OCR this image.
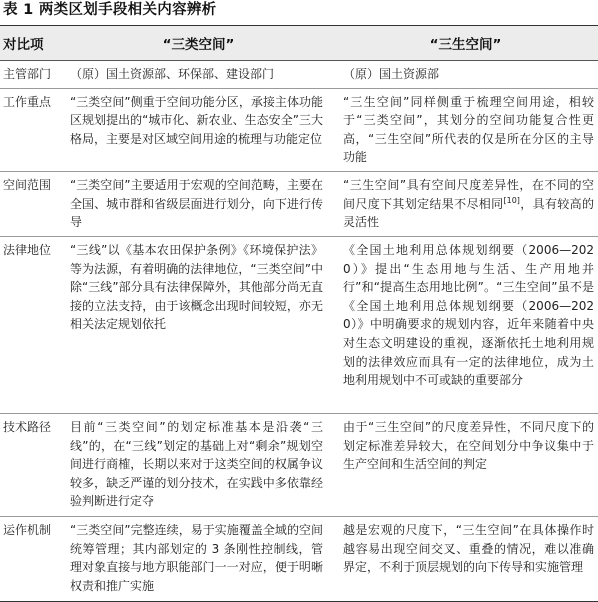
表 1 两类区划手段相关内容辨析
对比项	“三类空间”	“三生空间”
主管部门	（原）国土资源部、环保部、建设部门	（原）国土资源部
工作重点	“三类空间”侧重于空间功能分区，承接主体功能区规划提出的“城市化、新农业、生态安全”三大格局，主要是对区域空间用途的梳理与功能定位	“三生空间”同样侧重于梳理空间用途，相较于“三类空间”，其划分的空间功能复合性更高，“三生空间”所代表的仅是所在分区的主导功能
空间范围	“三类空间”主要适用于宏观的空间范畴，主要在全国、城市群和省级层面进行划分，向下进行传导	“三生空间”具有空间尺度差异性，在不同的空间尺度下其划定结果不尽相同[10]，具有较高的灵活性
法律地位	“三线”以《基本农田保护条例》《环境保护法》等为法源，有着明确的法律地位，“三类空间”中除“三线”部分具有法律保障外，其他部分尚无直接的立法支持，由于该概念出现时间较短，亦无相关法定规划依托	《全国土地利用总体规划纲要（2006—2020）》提出“生态用地与生活、生产用地并行”和“提高生态用地比例”。“三生空间”虽不是《全国土地利用总体规划纲要（2006—2020）》中明确要求的规划内容，近年来随着中央对生态文明建设的重视，逐渐依托土地利用规划的法律效应而具有一定的法律地位，成为土地利用规划中不可或缺的重要部分
技术路径	目前“三类空间”的划定标准基本是沿袭“三线”的，在“三线”划定的基础上对“剩余”规划空间进行商榷，长期以来对于这类空间的权属争议较多，缺乏严谨的划分技术，在实践中多依靠经验判断进行定夺	由于“三生空间”的尺度差异性，不同尺度下的划定标准差异较大，在空间划分中争议集中于生产空间和生活空间的判定
运作机制	“三类空间”完整连续，易于实施覆盖全域的空间统筹管理；其内部划定的 3 条刚性控制线，管理对象直接与地方职能部门一一对应，便于明晰权责和推广实施	越是宏观的尺度下，“三生空间”在具体操作时越容易出现空间交叉、重叠的情况，难以准确界定，不利于顶层规划的向下传导和实施管理
